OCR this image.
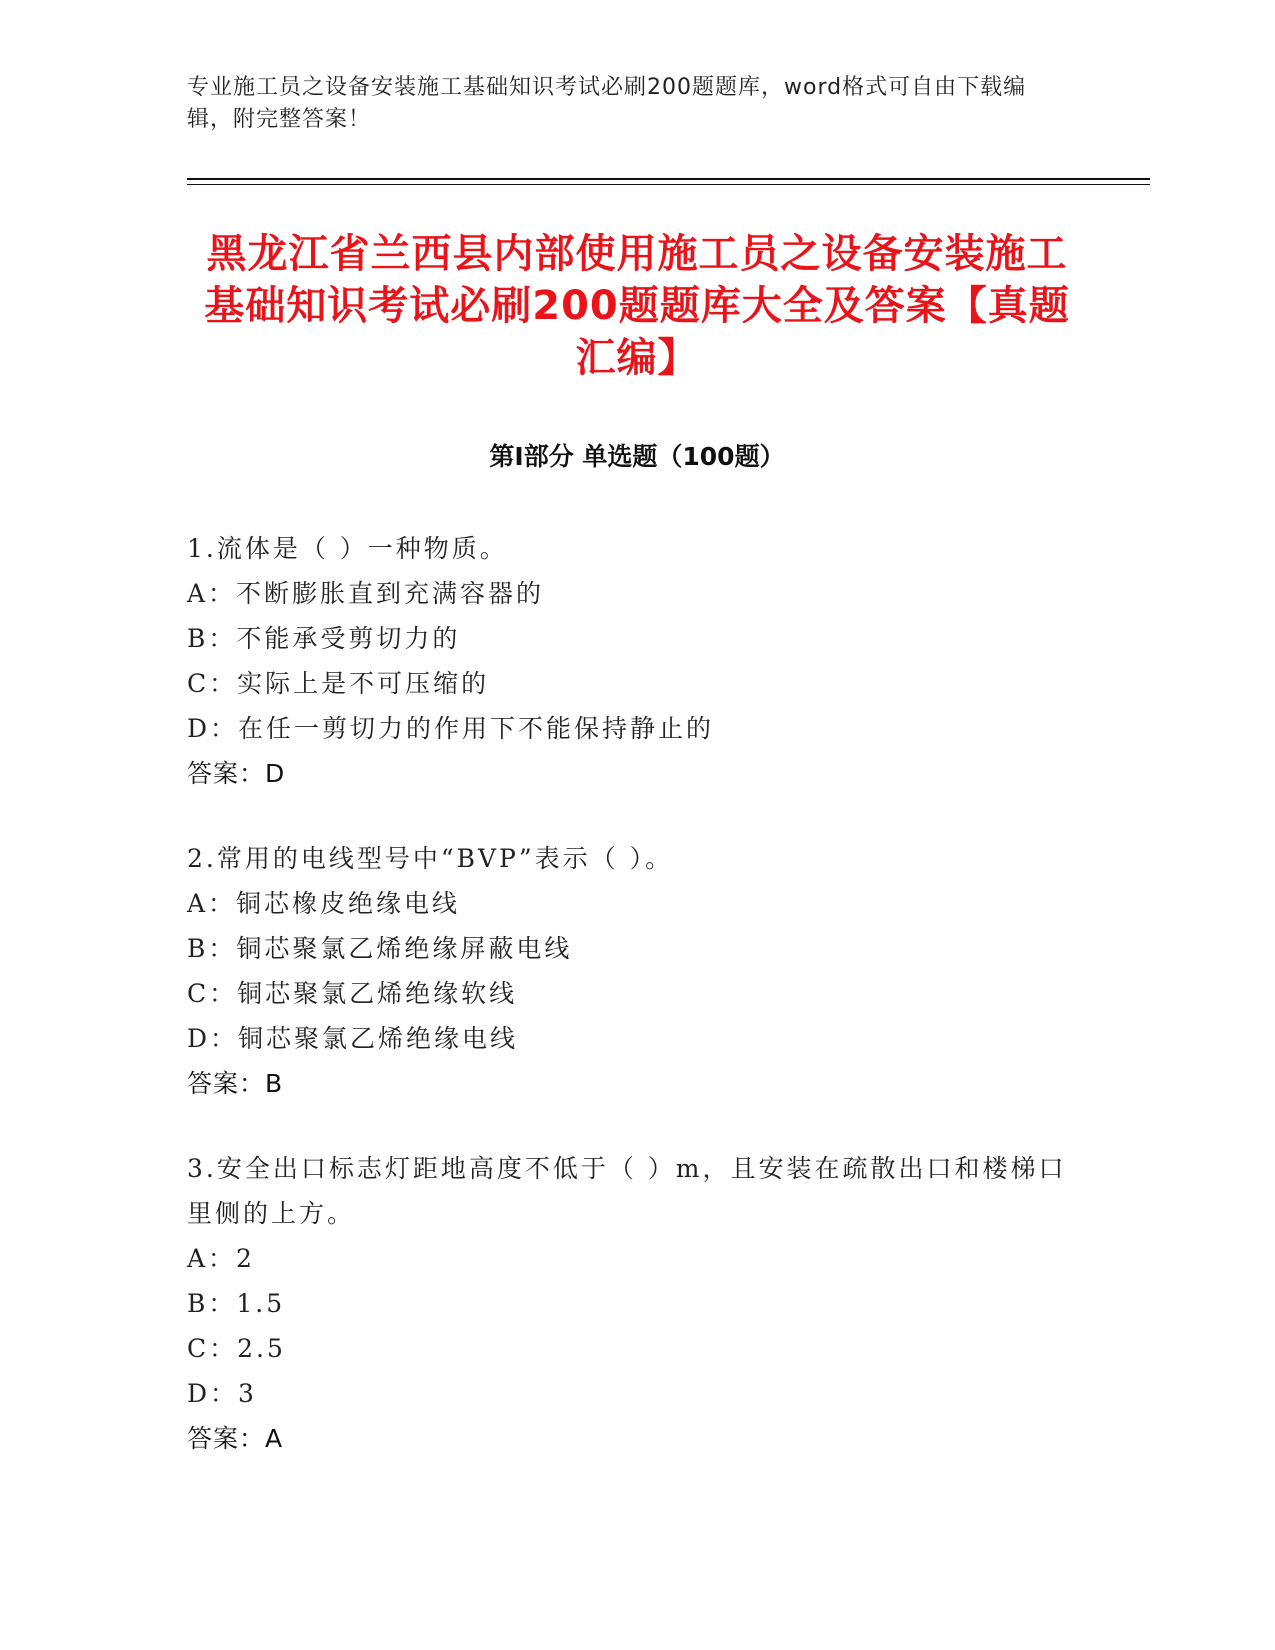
专业施工员之设备安装施工基础知识考试必刷200题题库，word格式可自由下载编辑，附完整答案！
黑龙江省兰西县内部使用施工员之设备安装施工基础知识考试必刷200题题库大全及答案【真题汇编】
第I部分 单选题（100题）
1.流体是（ ）一种物质。
A：不断膨胀直到充满容器的
B：不能承受剪切力的
C：实际上是不可压缩的
D：在任一剪切力的作用下不能保持静止的
答案：D
2.常用的电线型号中“BVP”表示（ ）。
A：铜芯橡皮绝缘电线
B：铜芯聚氯乙烯绝缘屏蔽电线
C：铜芯聚氯乙烯绝缘软线
D：铜芯聚氯乙烯绝缘电线
答案：B
3.安全出口标志灯距地高度不低于（ ）m，且安装在疏散出口和楼梯口里侧的上方。
A：2
B：1.5
C：2.5
D：3
答案：A
